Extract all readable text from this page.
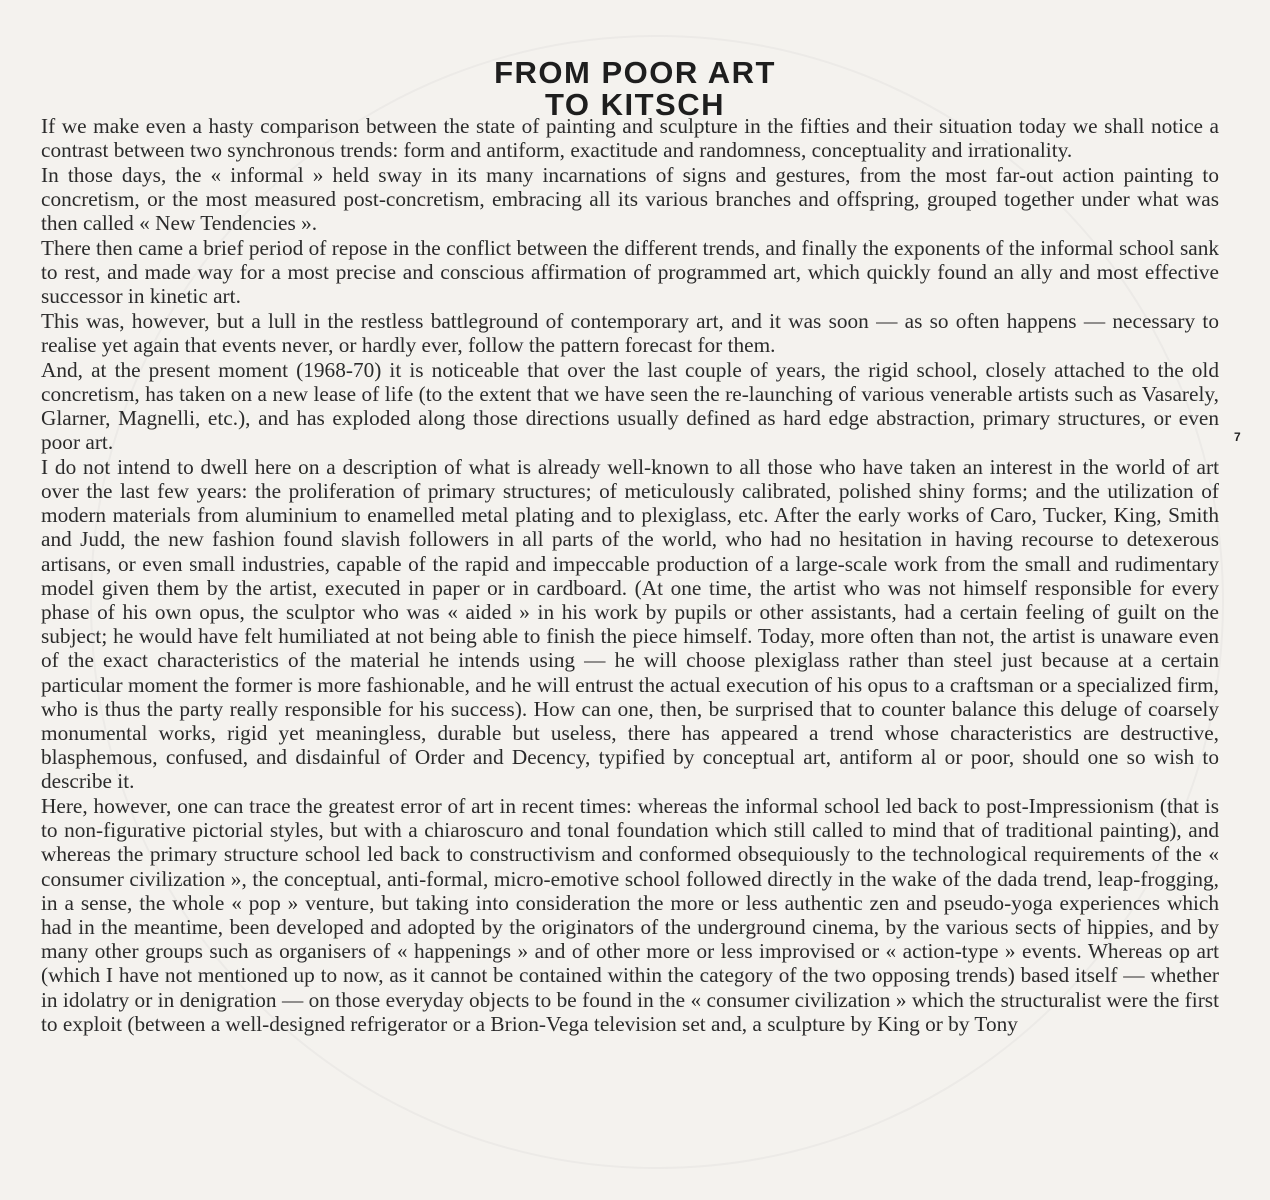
FROM POOR ART
TO KITSCH

If we make even a hasty comparison between the state of painting and sculpture in the fifties and their situation today we shall notice a contrast between two synchronous trends: form and antiform, exactitude and randomness, conceptuality and irrationality.

In those days, the « informal » held sway in its many incarnations of signs and gestures, from the most far-out action painting to concretism, or the most measured post-concretism, embracing all its various branches and offspring, grouped together under what was then called « New Tendencies ».

There then came a brief period of repose in the conflict between the different trends, and finally the exponents of the informal school sank to rest, and made way for a most precise and conscious affirmation of programmed art, which quickly found an ally and most effective successor in kinetic art.

This was, however, but a lull in the restless battleground of contemporary art, and it was soon — as so often happens — necessary to realise yet again that events never, or hardly ever, follow the pattern forecast for them.

And, at the present moment (1968-70) it is noticeable that over the last couple of years, the rigid school, closely attached to the old concretism, has taken on a new lease of life (to the extent that we have seen the re-launching of various venerable artists such as Vasarely, Glarner, Magnelli, etc.), and has exploded along those directions usually defined as hard edge abstraction, primary structures, or even poor art.

I do not intend to dwell here on a description of what is already well-known to all those who have taken an interest in the world of art over the last few years: the proliferation of primary structures; of meticulously calibrated, polished shiny forms; and the utilization of modern materials from aluminium to enamelled metal plating and to plexiglass, etc. After the early works of Caro, Tucker, King, Smith and Judd, the new fashion found slavish followers in all parts of the world, who had no hesitation in having recourse to detexerous artisans, or even small industries, capable of the rapid and impeccable production of a large-scale work from the small and rudimentary model given them by the artist, executed in paper or in cardboard. (At one time, the artist who was not himself responsible for every phase of his own opus, the sculptor who was « aided » in his work by pupils or other assistants, had a certain feeling of guilt on the subject; he would have felt humiliated at not being able to finish the piece himself. Today, more often than not, the artist is unaware even of the exact characteristics of the material he intends using — he will choose plexiglass rather than steel just because at a certain particular moment the former is more fashionable, and he will entrust the actual execution of his opus to a craftsman or a specialized firm, who is thus the party really responsible for his success). How can one, then, be surprised that to counter balance this deluge of coarsely monumental works, rigid yet meaningless, durable but useless, there has appeared a trend whose characteristics are destructive, blasphemous, confused, and disdainful of Order and Decency, typified by conceptual art, antiform al or poor, should one so wish to describe it.

Here, however, one can trace the greatest error of art in recent times: whereas the informal school led back to post-Impressionism (that is to non-figurative pictorial styles, but with a chiaroscuro and tonal foundation which still called to mind that of traditional painting), and whereas the primary structure school led back to constructivism and conformed obsequiously to the technological requirements of the « consumer civilization », the conceptual, anti-formal, micro-emotive school followed directly in the wake of the dada trend, leap-frogging, in a sense, the whole « pop » venture, but taking into consideration the more or less authentic zen and pseudo-yoga experiences which had in the meantime, been developed and adopted by the originators of the underground cinema, by the various sects of hippies, and by many other groups such as organisers of « happenings » and of other more or less improvised or « action-type » events. Whereas op art (which I have not mentioned up to now, as it cannot be contained within the category of the two opposing trends) based itself — whether in idolatry or in denigration — on those everyday objects to be found in the « consumer civilization » which the structuralist were the first to exploit (between a well-designed refrigerator or a Brion-Vega television set and, a sculpture by King or by Tony

7
